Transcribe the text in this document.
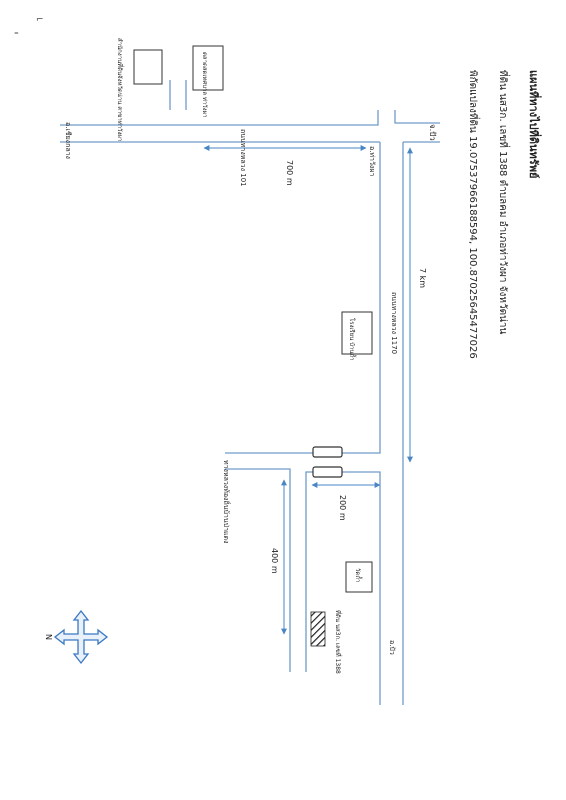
แผนที่ทางไปที่ดินทรัพย์
ที่ดิน นส3ก. เลขที่ 1388 ตำบลคม อำเภอท่าวังผา จังหวัดน่าน
พิกัดแปลงที่ดิน 19.07537966188594, 100.87025645477026
⌐
⁼
จ.ปัว
อ.ท่าวังผา
อ.เชียงกลาง	ถนนทางหลวง 101
ถนนทางหลวง 1170
ทางหลวงท้องถิ่นบ้านป่าแดง
อ.ปัว
โรงเรียน บ้านถ้ำ
ตลาดสดเทศบาล ท่าวังผา
สำนักงานที่ดินจังหวัดน่าน สาขาท่าวังผา
วัดถ้ำ
ที่ดิน นส3ก. เลขที่ 1388
700 m
7 km
200 m
400 m
N
